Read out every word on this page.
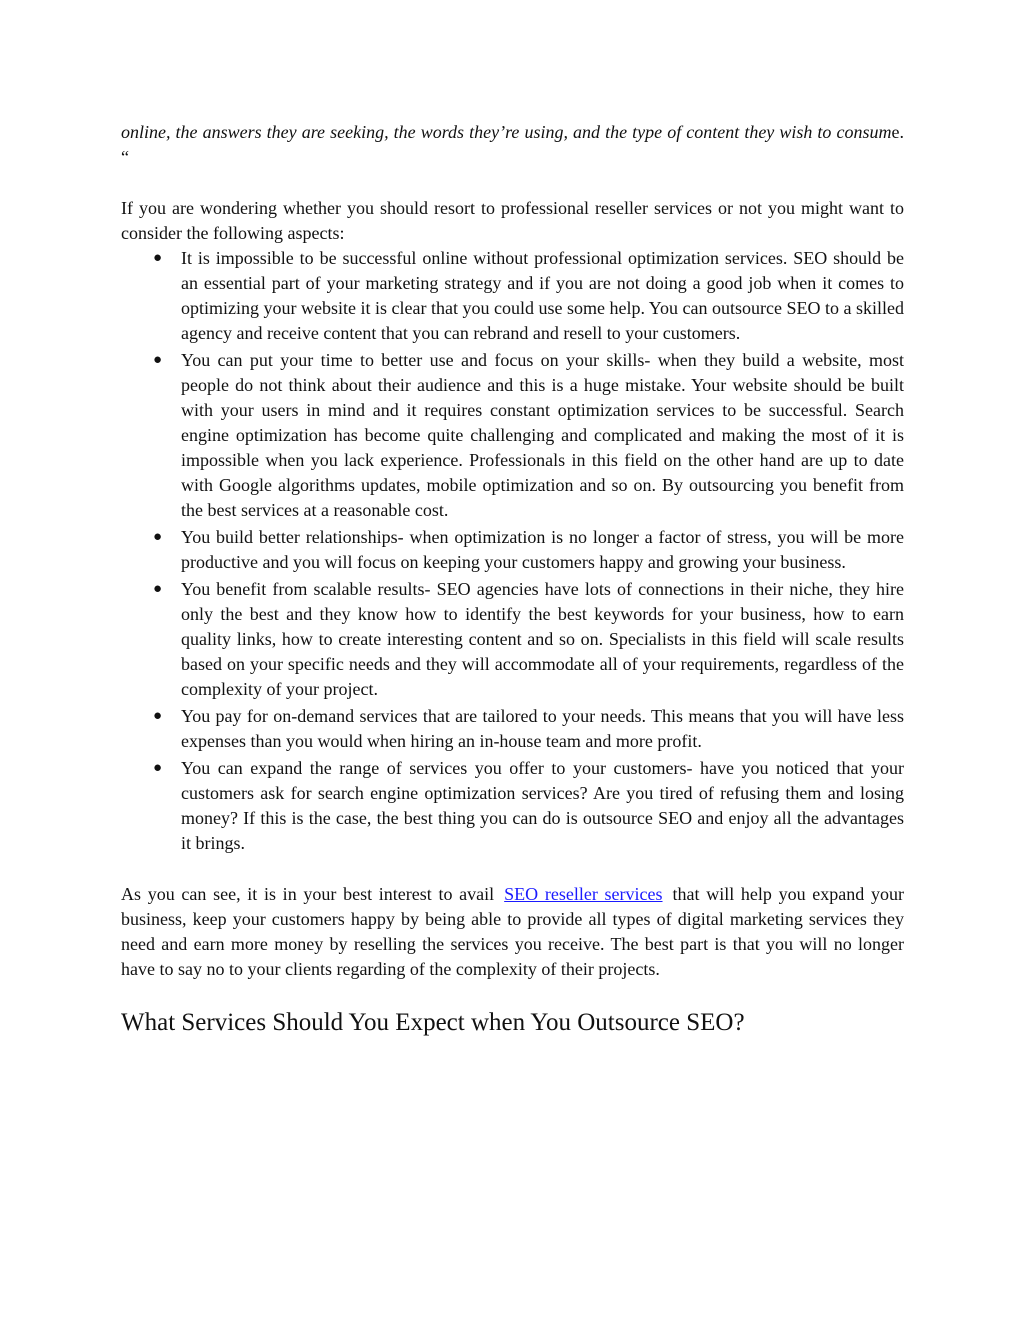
online, the answers they are seeking, the words they’re using, and the type of content they wish to consume. “

If you are wondering whether you should resort to professional reseller services or not you might want to consider the following aspects:

● It is impossible to be successful online without professional optimization services. SEO should be an essential part of your marketing strategy and if you are not doing a good job when it comes to optimizing your website it is clear that you could use some help. You can outsource SEO to a skilled agency and receive content that you can rebrand and resell to your customers.
● You can put your time to better use and focus on your skills- when they build a website, most people do not think about their audience and this is a huge mistake. Your website should be built with your users in mind and it requires constant optimization services to be successful. Search engine optimization has become quite challenging and complicated and making the most of it is impossible when you lack experience. Professionals in this field on the other hand are up to date with Google algorithms updates, mobile optimization and so on. By outsourcing you benefit from the best services at a reasonable cost.
● You build better relationships- when optimization is no longer a factor of stress, you will be more productive and you will focus on keeping your customers happy and growing your business.
● You benefit from scalable results- SEO agencies have lots of connections in their niche, they hire only the best and they know how to identify the best keywords for your business, how to earn quality links, how to create interesting content and so on. Specialists in this field will scale results based on your specific needs and they will accommodate all of your requirements, regardless of the complexity of your project.
● You pay for on-demand services that are tailored to your needs. This means that you will have less expenses than you would when hiring an in-house team and more profit.
● You can expand the range of services you offer to your customers- have you noticed that your customers ask for search engine optimization services? Are you tired of refusing them and losing money? If this is the case, the best thing you can do is outsource SEO and enjoy all the advantages it brings.

As you can see, it is in your best interest to avail SEO reseller services that will help you expand your business, keep your customers happy by being able to provide all types of digital marketing services they need and earn more money by reselling the services you receive. The best part is that you will no longer have to say no to your clients regarding of the complexity of their projects.

What Services Should You Expect when You Outsource SEO?
